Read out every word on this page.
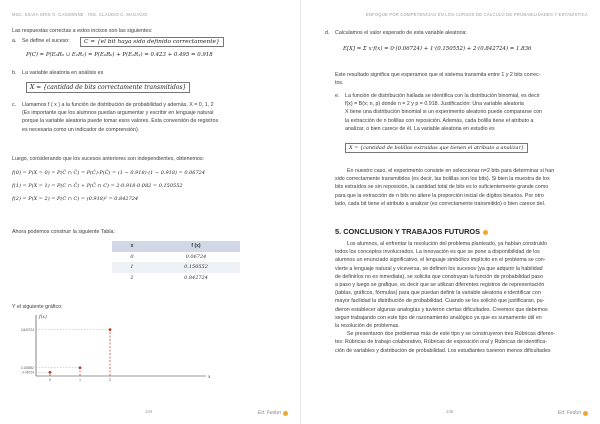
MSC. SILVIA GRIS G. CAGIMINNE · ING. CLAUDIO C. MAGAGGI
Las respuestas correctas a estos incisos son las siguientes:
a. Se define el suceso:	C = {el bit haya sido definido correctamente}
P(C) = P(E₀R₀ ∪ E₁R₁) = P(E₀R₀) + P(E₁R₁) = 0.423 + 0.495 = 0.918
b. La variable aleatoria en análisis es
X = {cantidad de bits correctamente transmitidos}
c. Llamamos f ( x ) a la función de distribución de probabilidad y además, X = 0, 1, 2
(Es importante que los alumnos puedan argumentar y escribir en lenguaje natural
porque la variable aleatoria puede tomar esos valores. Esta conversión de registros
es necesaria como un indicador de comprensión).
Luego, considerando que los sucesos anteriores son independientes, obtenemos:
f(0) = P(X = 0) = P(C̄ ∩ C̄) = P(C̄)·P(C̄) = (1 − 0.918)·(1 − 0.918) = 0.06724
f(1) = P(X = 1) = P(C ∩ C̄) + P(C̄ ∩ C) = 2·0.918·0.082 = 0.150552
f(2) = P(X = 2) = P(C ∩ C) = (0.918)² = 0.842724
Ahora podemos construir la siguiente Tabla:
x	f (x)
0	0.06724
1	0.150552
2	0.842724
Y el siguiente gráfico:
f(x)
x
0.06724
0
0.150552
1
0.842724
2
104	Ed. Fedun
ENFOQUE POR COMPETENCIAS EN LOS CURSOS DE CÁLCULO DE PROBABILIDADES Y ESTADÍSTICA
d. Calculamos el valor esperado de esta variable aleatoria:
E[X] = Σ x·f(x) = 0·(0.06724) + 1·(0.150552) + 2·(0.842724) = 1.836
Este resultado significa que esperamos que el sistema transmita entre 1 y 2 bits correc-
tos.
e. La función de distribución hallada se identifica con la distribución binomial, es decir
f(x) = B(x; n, p) donde n = 2 y p = 0.918. Justificación: Una variable aleatoria
X tiene una distribución binomial si un experimento aleatorio puede compararse con
la extracción de n bolillas con reposición. Además, cada bolilla tiene el atributo a
analizar, o bien carece de él. La variable aleatoria en estudio es
X = {cantidad de bolillas extraídas que tienen el atributo a analizar}
En nuestro caso, el experimento consiste en seleccionar n=2 bits para determinar si han
sido correctamente transmitidos (es decir, las bolillas son los bits). Si bien la muestra de los
bits extraídos se sin reposición, la cantidad total de bits es lo suficientemente grande como
para que la extracción de n bits no altere la proporción inicial de dígitos binarios. Por otro
lado, cada bit tiene el atributo a analizar (es correctamente transmitido) o bien carece del.
5. CONCLUSION Y TRABAJOS FUTUROS
Los alumnos, al enfrentar la resolución del problema planteado, ya habían construido
todos los conceptos involucrados. La innovación es que se pone a disponibilidad de los
alumnos un enunciado significativo, el lenguaje simbólico implícito en el problema se con-
vierte a lenguaje natural y viceversa, se definen los sucesos (ya que adquirir la habilidad
de definirlos no es inmediata), se solicita que construyan la función de probabilidad paso
a paso y luego se grafique, es decir que se utilizan diferentes registros de representación
(tablas, gráficos, fórmulas) para que puedan definir la variable aleatoria e identificar con
mayor facilidad la distribución de probabilidad. Cuando se les solicitó que justificaran, pu-
dieron establecer algunas analogías y tuvieron ciertas dificultades. Creemos que debemos
seguir trabajando con este tipo de razonamiento analógico ya que es sumamente útil en
la resolución de problemas.
Se presentaron dos problemas más de este tipo y se construyeron tres Rúbricas diferen-
tes: Rúbricas de trabajo colaborativo, Rúbricas de exposición oral y Rúbricas de identifica-
ción de variables y distribución de probabilidad. Los estudiantes tuvieron menos dificultades
105	Ed. Fedun
